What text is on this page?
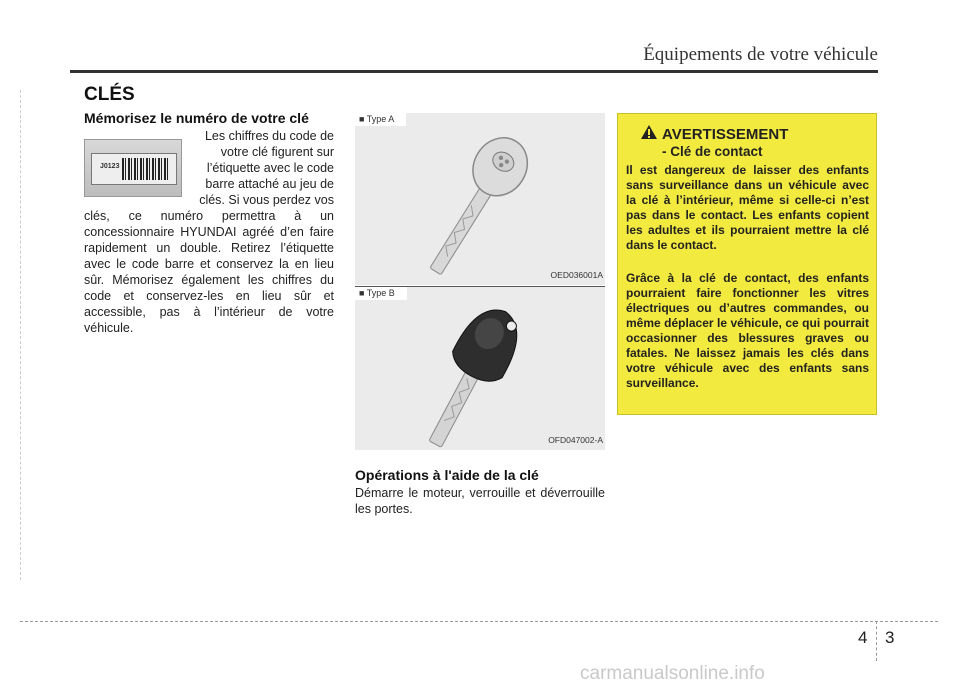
Équipements de votre véhicule
CLÉS
Mémorisez le numéro de votre clé
J0123
Les chiffres du code de votre clé figurent sur l’étiquette avec le code barre attaché au jeu de clés. Si vous perdez vos
clés, ce numéro permettra à un concessionnaire HYUNDAI agréé d’en faire rapidement un double. Retirez l’étiquette avec le code barre et conservez la en lieu sûr. Mémorisez également les chiffres du code et conservez-les en lieu sûr et accessible, pas à l’intérieur de votre véhicule.
■ Type A
OED036001A
■ Type B
OFD047002-A
Opérations à l'aide de la clé
Démarre le moteur, verrouille et déverrouille les portes.
AVERTISSEMENT
- Clé de contact
Il est dangereux de laisser des enfants sans surveillance dans un véhicule avec la clé à l’intérieur, même si celle-ci n’est pas dans le contact. Les enfants copient les adultes et ils pourraient mettre la clé dans le contact.
Grâce à la clé de contact, des enfants pourraient faire fonctionner les vitres électriques ou d’autres commandes, ou même déplacer le véhicule, ce qui pourrait occasionner des blessures graves ou fatales. Ne laissez jamais les clés dans votre véhicule avec des enfants sans surveillance.
4 3
carmanualsonline.info
